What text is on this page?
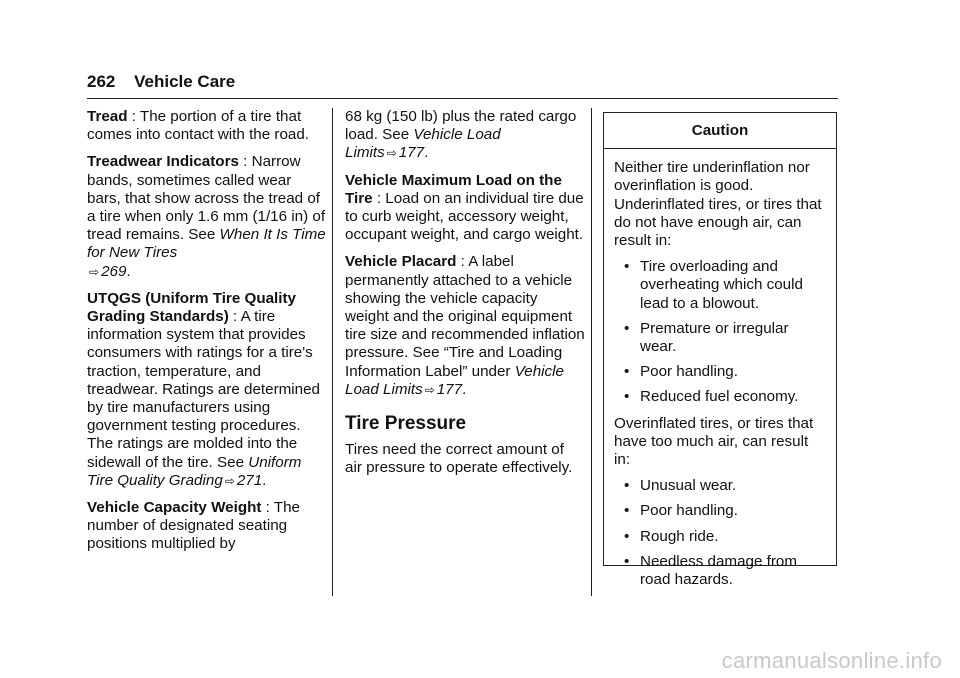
262 Vehicle Care

Tread : The portion of a tire that comes into contact with the road.

Treadwear Indicators : Narrow bands, sometimes called wear bars, that show across the tread of a tire when only 1.6 mm (1/16 in) of tread remains. See When It Is Time for New Tires
⇨ 269.

UTQGS (Uniform Tire Quality Grading Standards) : A tire information system that provides consumers with ratings for a tire's traction, temperature, and treadwear. Ratings are determined by tire manufacturers using government testing procedures. The ratings are molded into the sidewall of the tire. See Uniform Tire Quality Grading ⇨ 271.

Vehicle Capacity Weight : The number of designated seating positions multiplied by

68 kg (150 lb) plus the rated cargo load. See Vehicle Load Limits ⇨ 177.

Vehicle Maximum Load on the Tire : Load on an individual tire due to curb weight, accessory weight, occupant weight, and cargo weight.

Vehicle Placard : A label permanently attached to a vehicle showing the vehicle capacity weight and the original equipment tire size and recommended inflation pressure. See “Tire and Loading Information Label” under Vehicle Load Limits ⇨ 177.

Tire Pressure

Tires need the correct amount of air pressure to operate effectively.

Caution

Neither tire underinflation nor overinflation is good. Underinflated tires, or tires that do not have enough air, can result in:

• Tire overloading and overheating which could lead to a blowout.
• Premature or irregular wear.
• Poor handling.
• Reduced fuel economy.

Overinflated tires, or tires that have too much air, can result in:

• Unusual wear.
• Poor handling.
• Rough ride.
• Needless damage from road hazards.
carmanualsonline.info
